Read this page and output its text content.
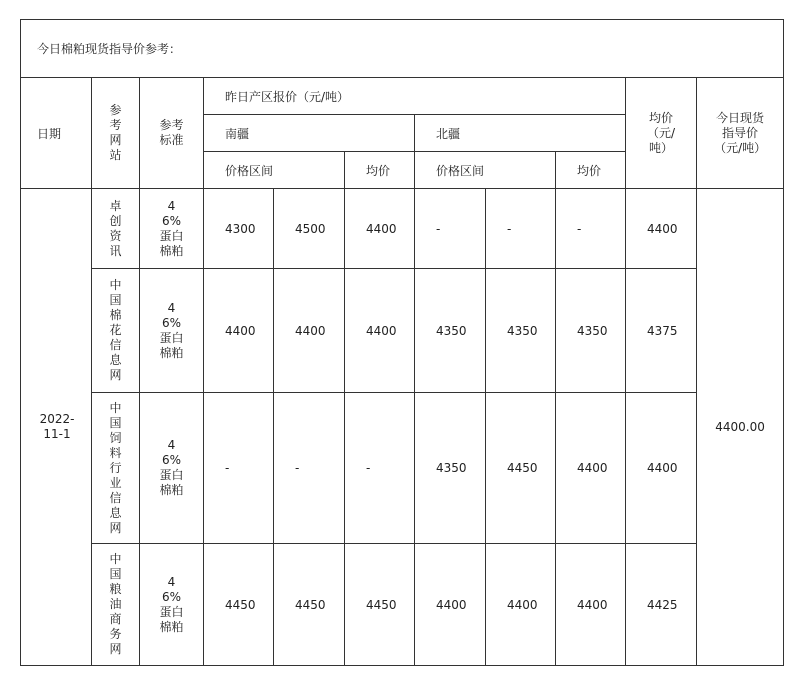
今日棉粕现货指导价参考：										
日期	参考网站	参考标准	昨日产区报价（元/吨）						均价（元/吨）	今日现货指导价（元/吨）
			南疆			北疆				
			价格区间		均价	价格区间		均价		
2022-11-1	卓创资讯	46%蛋白棉粕	4300	4500	4400	-	-	-	4400	4400.00
	中国棉花信息网	46%蛋白棉粕	4400	4400	4400	4350	4350	4350	4375	
	中国饲料行业信息网	46%蛋白棉粕	-	-	-	4350	4450	4400	4400	
	中国粮油商务网	46%蛋白棉粕	4450	4450	4450	4400	4400	4400	4425	
